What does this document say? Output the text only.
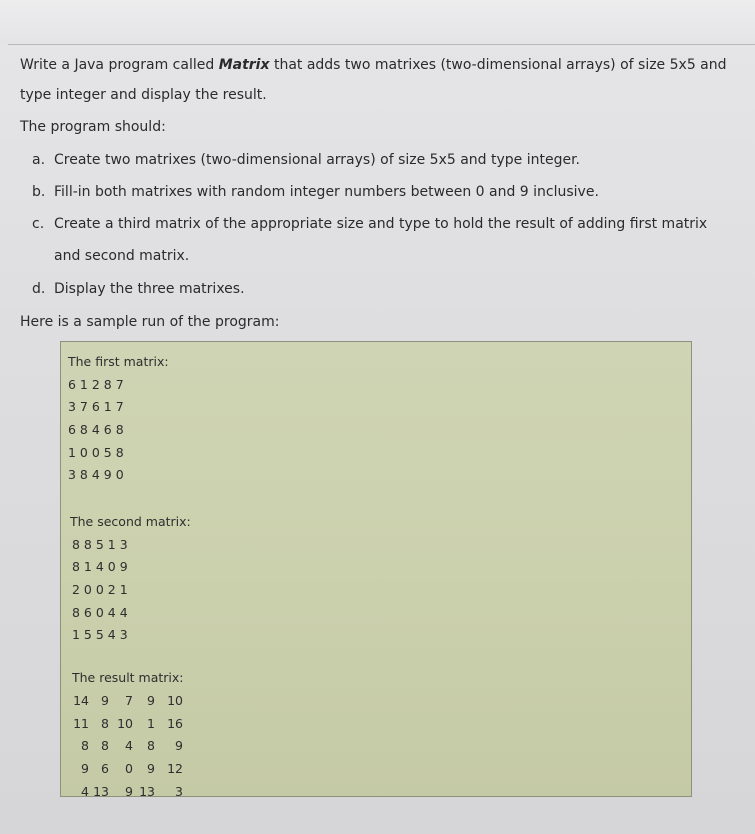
Write a Java program called Matrix that adds two matrixes (two-dimensional arrays) of size 5x5 and
type integer and display the result.
The program should:
a. Create two matrixes (two-dimensional arrays) of size 5x5 and type integer.
b. Fill-in both matrixes with random integer numbers between 0 and 9 inclusive.
c. Create a third matrix of the appropriate size and type to hold the result of adding first matrix
and second matrix.
d. Display the three matrixes.
Here is a sample run of the program:
The first matrix:
6 1 2 8 7
3 7 6 1 7
6 8 4 6 8
1 0 0 5 8
3 8 4 9 0
The second matrix:
8 8 5 1 3
8 1 4 0 9
2 0 0 2 1
8 6 0 4 4
1 5 5 4 3
The result matrix:
14 9	7	9 10
11 8 10	1 16
8 8	4	8	9
9 6	0	9 12
4 13	9 13	3
